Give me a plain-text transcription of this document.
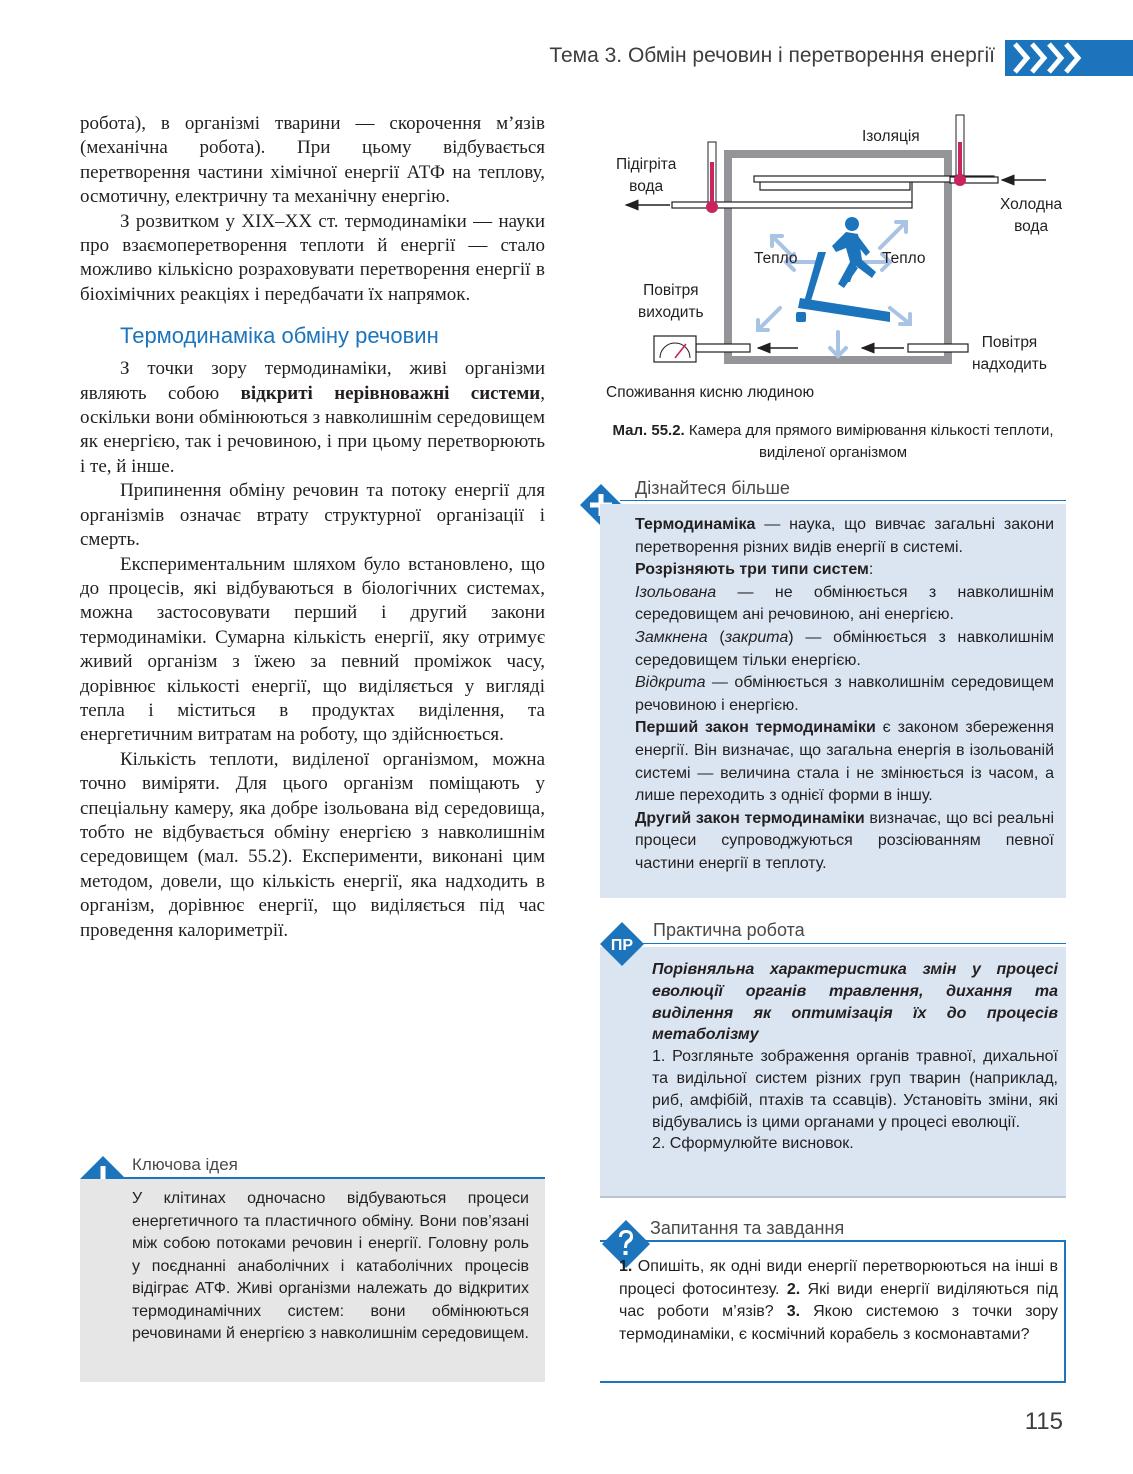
Тема 3. Обмін речовин і перетворення енергії

робота), в організмі тварини — скорочення м’язів (механічна робота). При цьому відбувається перетворення частини хімічної енергії АТФ на теплову, осмотичну, електричну та механічну енергію.

З розвитком у XIX–XX ст. термодинаміки — науки про взаємоперетворення теплоти й енергії — стало можливо кількісно розраховувати перетворення енергії в біохімічних реакціях і передбачати їх напрямок.

Термодинаміка обміну речовин

З точки зору термодинаміки, живі організми являють собою відкриті нерівноважні системи, оскільки вони обмінюються з навколишнім середовищем як енергією, так і речовиною, і при цьому перетворюють і те, й інше.

Припинення обміну речовин та потоку енергії для організмів означає втрату структурної організації і смерть.

Експериментальним шляхом було встановлено, що до процесів, які відбуваються в біологічних системах, можна застосовувати перший і другий закони термодинаміки. Сумарна кількість енергії, яку отримує живий організм з їжею за певний проміжок часу, дорівнює кількості енергії, що виділяється у вигляді тепла і міститься в продуктах виділення, та енергетичним витратам на роботу, що здійснюється.

Кількість теплоти, виділеної організмом, можна точно виміряти. Для цього організм поміщають у спеціальну камеру, яка добре ізольована від середовища, тобто не відбувається обміну енергією з навколишнім середовищем (мал. 55.2). Експерименти, виконані цим методом, довели, що кількість енергії, яка надходить в організм, дорівнює енергії, що виділяється під час проведення калориметрії.

Ключова ідея
У клітинах одночасно відбуваються процеси енергетичного та пластичного обміну. Вони пов’язані між собою потоками речовин і енергії. Головну роль у поєднанні анаболічних і катаболічних процесів відіграє АТФ. Живі організми належать до відкритих термодинамічних систем: вони обмінюються речовинами й енергією з навколишнім середовищем.
Ізоляція
Підігріта
вода
Холодна
вода
Тепло	Тепло
Повітря
виходить
Повітря
надходить
Споживання кисню людиною
Мал. 55.2. Камера для прямого вимірювання кількості теплоти, виділеної організмом
Дізнайтеся більше

Термодинаміка — наука, що вивчає загальні закони перетворення різних видів енергії в системі.

Розрізняють три типи систем:

Ізольована — не обмінюється з навколишнім середовищем ані речовиною, ані енергією.

Замкнена (закрита) — обмінюється з навколишнім середовищем тільки енергією.

Відкрита — обмінюється з навколишнім середовищем речовиною і енергією.

Перший закон термодинаміки є законом збереження енергії. Він визначає, що загальна енергія в ізольованій системі — величина стала і не змінюється із часом, а лише переходить з однієї форми в іншу.

Другий закон термодинаміки визначає, що всі реальні процеси супроводжуються розсіюванням певної частини енергії в теплоту.

Практична робота

Порівняльна характеристика змін у процесі еволюції органів травлення, дихання та виділення як оптимізація їх до процесів метаболізму

1. Розгляньте зображення органів травної, дихальної та видільної систем різних груп тварин (наприклад, риб, амфібій, птахів та ссавців). Установіть зміни, які відбувались із цими органами у процесі еволюції.

2. Сформулюйте висновок.

ПР
Запитання та завдання
1. Опишіть, як одні види енергії перетворюються на інші в процесі фотосинтезу. 2. Які види енергії виділяються під час роботи м’язів? 3. Якою системою з точки зору термодинаміки, є космічний корабель з космонавтами?
115
